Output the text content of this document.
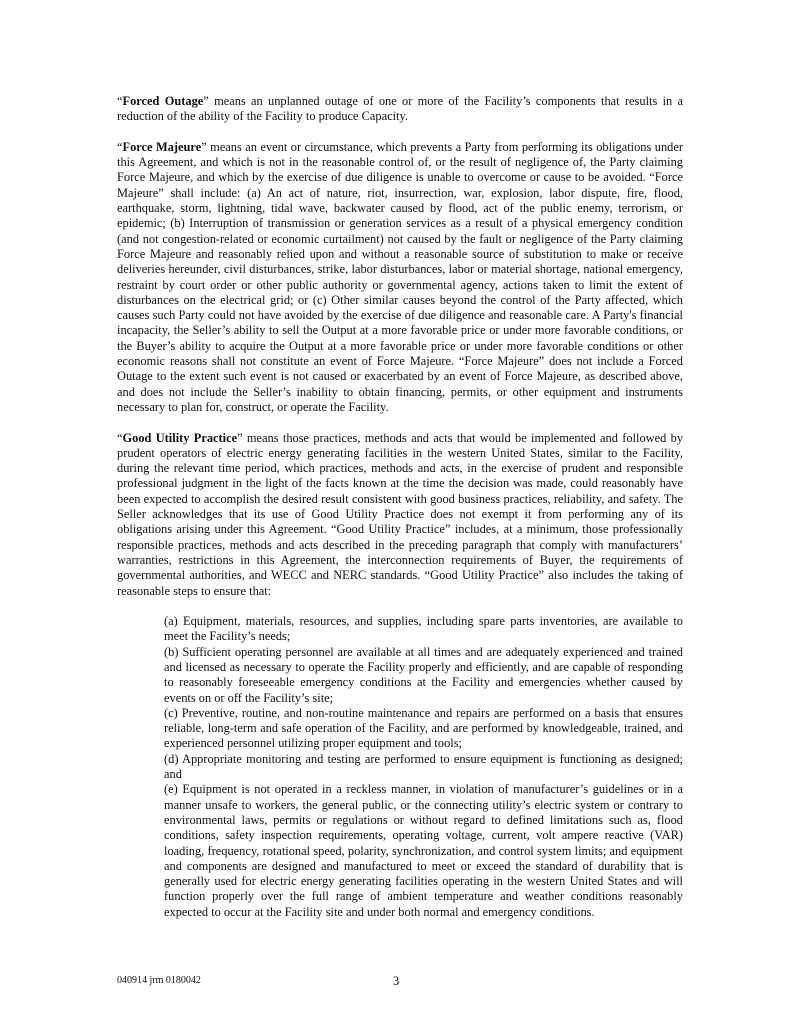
“Forced Outage” means an unplanned outage of one or more of the Facility’s components that results in a reduction of the ability of the Facility to produce Capacity.

“Force Majeure” means an event or circumstance, which prevents a Party from performing its obligations under this Agreement, and which is not in the reasonable control of, or the result of negligence of, the Party claiming Force Majeure, and which by the exercise of due diligence is unable to overcome or cause to be avoided. “Force Majeure” shall include: (a) An act of nature, riot, insurrection, war, explosion, labor dispute, fire, flood, earthquake, storm, lightning, tidal wave, backwater caused by flood, act of the public enemy, terrorism, or epidemic; (b) Interruption of transmission or generation services as a result of a physical emergency condition (and not congestion-related or economic curtailment) not caused by the fault or negligence of the Party claiming Force Majeure and reasonably relied upon and without a reasonable source of substitution to make or receive deliveries hereunder, civil disturbances, strike, labor disturbances, labor or material shortage, national emergency, restraint by court order or other public authority or governmental agency, actions taken to limit the extent of disturbances on the electrical grid; or (c) Other similar causes beyond the control of the Party affected, which causes such Party could not have avoided by the exercise of due diligence and reasonable care. A Party's financial incapacity, the Seller’s ability to sell the Output at a more favorable price or under more favorable conditions, or the Buyer’s ability to acquire the Output at a more favorable price or under more favorable conditions or other economic reasons shall not constitute an event of Force Majeure. “Force Majeure” does not include a Forced Outage to the extent such event is not caused or exacerbated by an event of Force Majeure, as described above, and does not include the Seller’s inability to obtain financing, permits, or other equipment and instruments necessary to plan for, construct, or operate the Facility.

“Good Utility Practice” means those practices, methods and acts that would be implemented and followed by prudent operators of electric energy generating facilities in the western United States, similar to the Facility, during the relevant time period, which practices, methods and acts, in the exercise of prudent and responsible professional judgment in the light of the facts known at the time the decision was made, could reasonably have been expected to accomplish the desired result consistent with good business practices, reliability, and safety. The Seller acknowledges that its use of Good Utility Practice does not exempt it from performing any of its obligations arising under this Agreement. “Good Utility Practice” includes, at a minimum, those professionally responsible practices, methods and acts described in the preceding paragraph that comply with manufacturers’ warranties, restrictions in this Agreement, the interconnection requirements of Buyer, the requirements of governmental authorities, and WECC and NERC standards. “Good Utility Practice” also includes the taking of reasonable steps to ensure that:

(a) Equipment, materials, resources, and supplies, including spare parts inventories, are available to meet the Facility’s needs;

(b) Sufficient operating personnel are available at all times and are adequately experienced and trained and licensed as necessary to operate the Facility properly and efficiently, and are capable of responding to reasonably foreseeable emergency conditions at the Facility and emergencies whether caused by events on or off the Facility’s site;

(c) Preventive, routine, and non-routine maintenance and repairs are performed on a basis that ensures reliable, long-term and safe operation of the Facility, and are performed by knowledgeable, trained, and experienced personnel utilizing proper equipment and tools;

(d) Appropriate monitoring and testing are performed to ensure equipment is functioning as designed; and

(e) Equipment is not operated in a reckless manner, in violation of manufacturer’s guidelines or in a manner unsafe to workers, the general public, or the connecting utility’s electric system or contrary to environmental laws, permits or regulations or without regard to defined limitations such as, flood conditions, safety inspection requirements, operating voltage, current, volt ampere reactive (VAR) loading, frequency, rotational speed, polarity, synchronization, and control system limits; and equipment and components are designed and manufactured to meet or exceed the standard of durability that is generally used for electric energy generating facilities operating in the western United States and will function properly over the full range of ambient temperature and weather conditions reasonably expected to occur at the Facility site and under both normal and emergency conditions.

040914 jrm 0180042	3
